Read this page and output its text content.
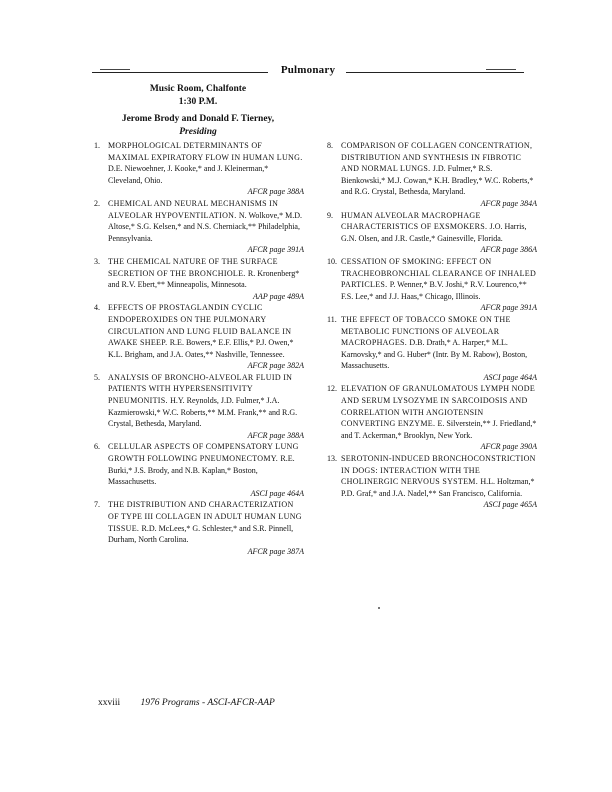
Pulmonary
Music Room, Chalfonte
1:30 P.M.
Jerome Brody and Donald F. Tierney,
Presiding
1.	MORPHOLOGICAL DETERMINANTS OF MAXIMAL EXPIRATORY FLOW IN HUMAN LUNG. D.E. Niewoehner, J. Kooke,* and J. Kleinerman,* Cleveland, Ohio.
AFCR page 388A
2.	CHEMICAL AND NEURAL MECHANISMS IN ALVEOLAR HYPOVENTILATION. N. Wolkove,* M.D. Altose,* S.G. Kelsen,* and N.S. Cherniack,** Philadelphia, Pennsylvania.
AFCR page 391A
3.	THE CHEMICAL NATURE OF THE SURFACE SECRETION OF THE BRONCHIOLE. R. Kronenberg* and R.V. Ebert,** Minneapolis, Minnesota.
AAP page 489A
4.	EFFECTS OF PROSTAGLANDIN CYCLIC ENDOPEROXIDES ON THE PULMONARY CIRCULATION AND LUNG FLUID BALANCE IN AWAKE SHEEP. R.E. Bowers,* E.F. Ellis,* P.J. Owen,* K.L. Brigham, and J.A. Oates,** Nashville, Tennessee.
AFCR page 382A
5.	ANALYSIS OF BRONCHO-ALVEOLAR FLUID IN PATIENTS WITH HYPERSENSITIVITY PNEUMONITIS. H.Y. Reynolds, J.D. Fulmer,* J.A. Kazmierowski,* W.C. Roberts,** M.M. Frank,** and R.G. Crystal, Bethesda, Maryland.
AFCR page 388A
6.	CELLULAR ASPECTS OF COMPENSATORY LUNG GROWTH FOLLOWING PNEUMONECTOMY. R.E. Burki,* J.S. Brody, and N.B. Kaplan,* Boston, Massachusetts.
ASCI page 464A
7.	THE DISTRIBUTION AND CHARACTERIZATION OF TYPE III COLLAGEN IN ADULT HUMAN LUNG TISSUE. R.D. McLees,* G. Schlester,* and S.R. Pinnell, Durham, North Carolina.
AFCR page 387A
8.	COMPARISON OF COLLAGEN CONCENTRATION, DISTRIBUTION AND SYNTHESIS IN FIBROTIC AND NORMAL LUNGS. J.D. Fulmer,* R.S. Bienkowski,* M.J. Cowan,* K.H. Bradley,* W.C. Roberts,* and R.G. Crystal, Bethesda, Maryland.
AFCR page 384A
9.	HUMAN ALVEOLAR MACROPHAGE CHARACTERISTICS OF EXSMOKERS. J.O. Harris, G.N. Olsen, and J.R. Castle,* Gainesville, Florida.
AFCR page 386A
10. CESSATION OF SMOKING: EFFECT ON TRACHEOBRONCHIAL CLEARANCE OF INHALED PARTICLES. P. Wenner,* B.V. Joshi,* R.V. Lourenco,** F.S. Lee,* and J.J. Haas,* Chicago, Illinois.
AFCR page 391A
11. THE EFFECT OF TOBACCO SMOKE ON THE METABOLIC FUNCTIONS OF ALVEOLAR MACROPHAGES. D.B. Drath,* A. Harper,* M.L. Karnovsky,* and G. Huber* (Intr. By M. Rabow), Boston, Massachusetts.
ASCI page 464A
12. ELEVATION OF GRANULOMATOUS LYMPH NODE AND SERUM LYSOZYME IN SARCOIDOSIS AND CORRELATION WITH ANGIOTENSIN CONVERTING ENZYME. E. Silverstein,** J. Friedland,* and T. Ackerman,* Brooklyn, New York.
AFCR page 390A
13. SEROTONIN-INDUCED BRONCHOCONSTRICTION IN DOGS: INTERACTION WITH THE CHOLINERGIC NERVOUS SYSTEM. H.L. Holtzman,* P.D. Graf,* and J.A. Nadel,** San Francisco, California.
ASCI page 465A
xxviii 1976 Programs - ASCI-AFCR-AAP
